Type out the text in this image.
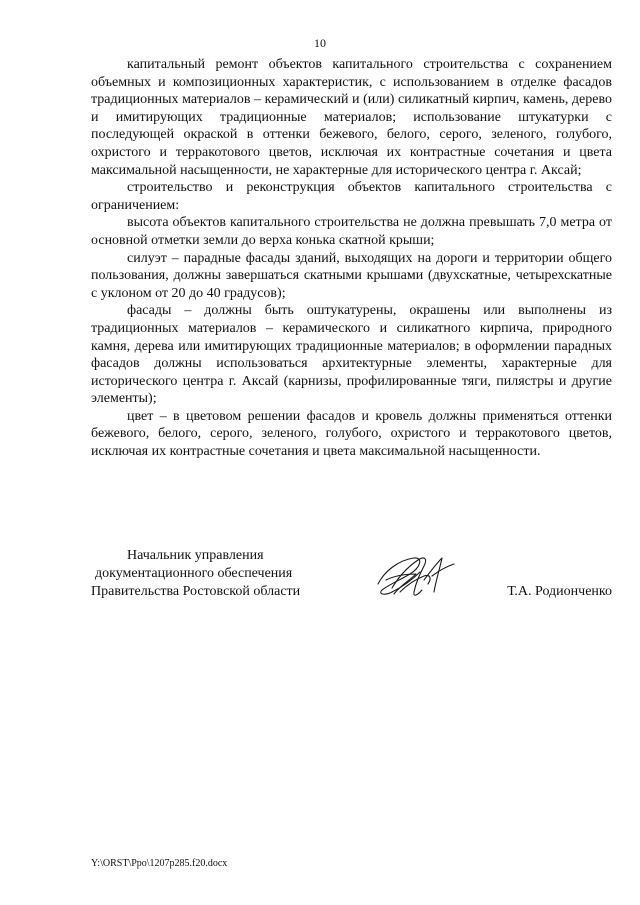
10

капитальный ремонт объектов капитального строительства с сохранением объемных и композиционных характеристик, с использованием в отделке фасадов традиционных материалов – керамический и (или) силикатный кирпич, камень, дерево и имитирующих традиционные материалов; использование штукатурки с последующей окраской в оттенки бежевого, белого, серого, зеленого, голубого, охристого и терракотового цветов, исключая их контрастные сочетания и цвета максимальной насыщенности, не характерные для исторического центра г. Аксай;

строительство и реконструкция объектов капитального строительства с ограничением:

высота объектов капитального строительства не должна превышать 7,0 метра от основной отметки земли до верха конька скатной крыши;

силуэт – парадные фасады зданий, выходящих на дороги и территории общего пользования, должны завершаться скатными крышами (двухскатные, четырехскатные с уклоном от 20 до 40 градусов);

фасады – должны быть оштукатурены, окрашены или выполнены из традиционных материалов – керамического и силикатного кирпича, природного камня, дерева или имитирующих традиционные материалов; в оформлении парадных фасадов должны использоваться архитектурные элементы, характерные для исторического центра г. Аксай (карнизы, профилированные тяги, пилястры и другие элементы);

цвет – в цветовом решении фасадов и кровель должны применяться оттенки бежевого, белого, серого, зеленого, голубого, охристого и терракотового цветов, исключая их контрастные сочетания и цвета максимальной насыщенности.

Начальник управления
документационного обеспечения
Правительства Ростовской области	Т.А. Родионченко
Y:\ORST\Ppo\1207p285.f20.docx
